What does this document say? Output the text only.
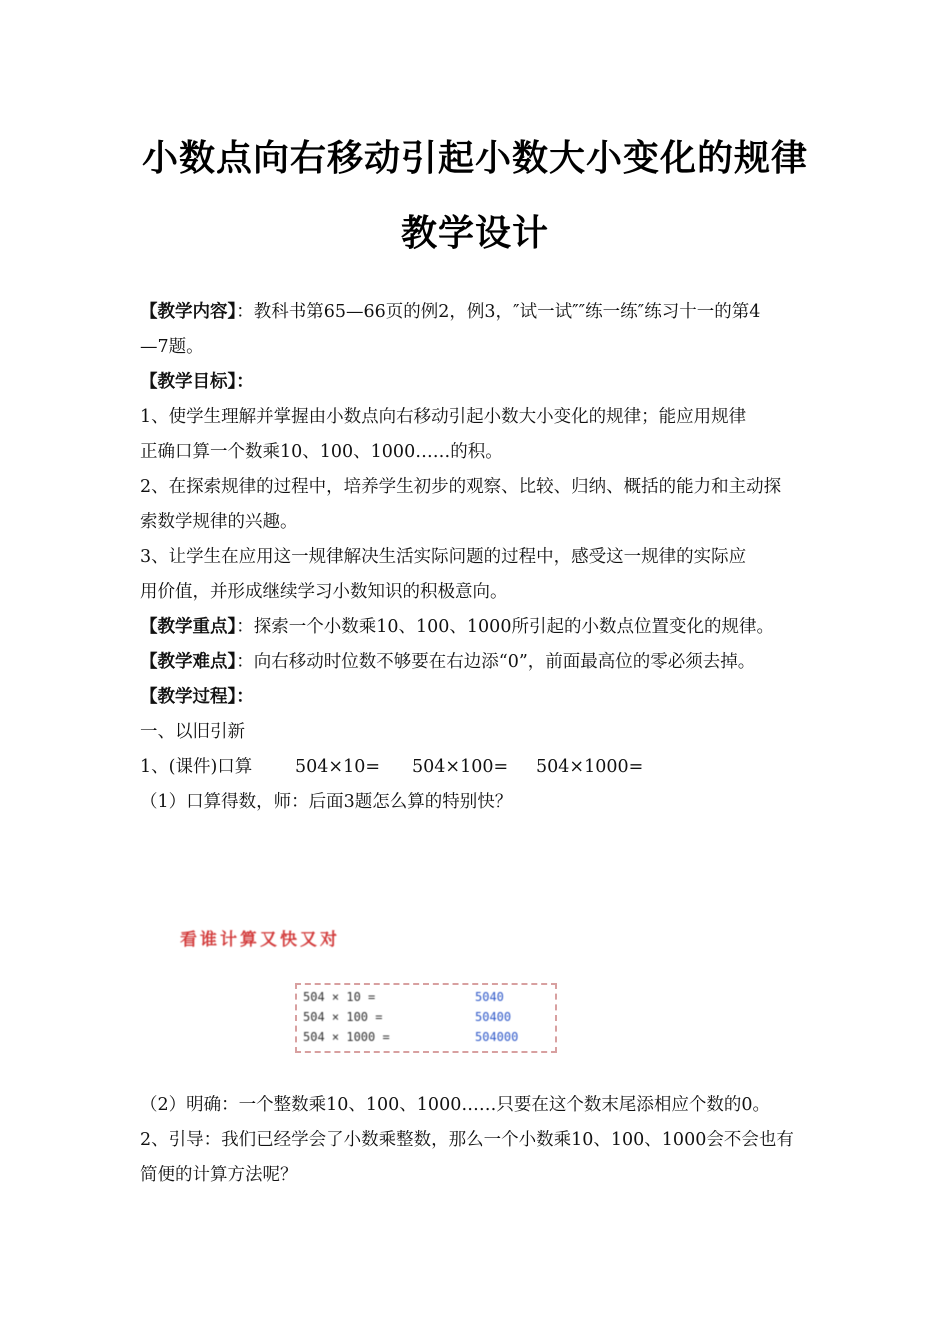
小数点向右移动引起小数大小变化的规律
教学设计
【教学内容】：教科书第65—66页的例2，例3，″试一试″″练一练″练习十一的第4
—7题。
【教学目标】：
1、使学生理解并掌握由小数点向右移动引起小数大小变化的规律；能应用规律
正确口算一个数乘10、100、1000……的积。
2、在探索规律的过程中，培养学生初步的观察、比较、归纳、概括的能力和主动探
索数学规律的兴趣。
3、让学生在应用这一规律解决生活实际问题的过程中，感受这一规律的实际应
用价值，并形成继续学习小数知识的积极意向。
【教学重点】：探索一个小数乘10、100、1000所引起的小数点位置变化的规律。
【教学难点】：向右移动时位数不够要在右边添“0”，前面最高位的零必须去掉。
【教学过程】：
一、以旧引新
1、(课件)口算 504×10= 504×100= 504×1000=
（1）口算得数，师：后面3题怎么算的特别快？
看谁计算又快又对
504 × 10 =	5040
504 × 100 =	50400
504 × 1000 =	504000
（2）明确：一个整数乘10、100、1000……只要在这个数末尾添相应个数的0。
2、引导：我们已经学会了小数乘整数，那么一个小数乘10、100、1000会不会也有
简便的计算方法呢？
